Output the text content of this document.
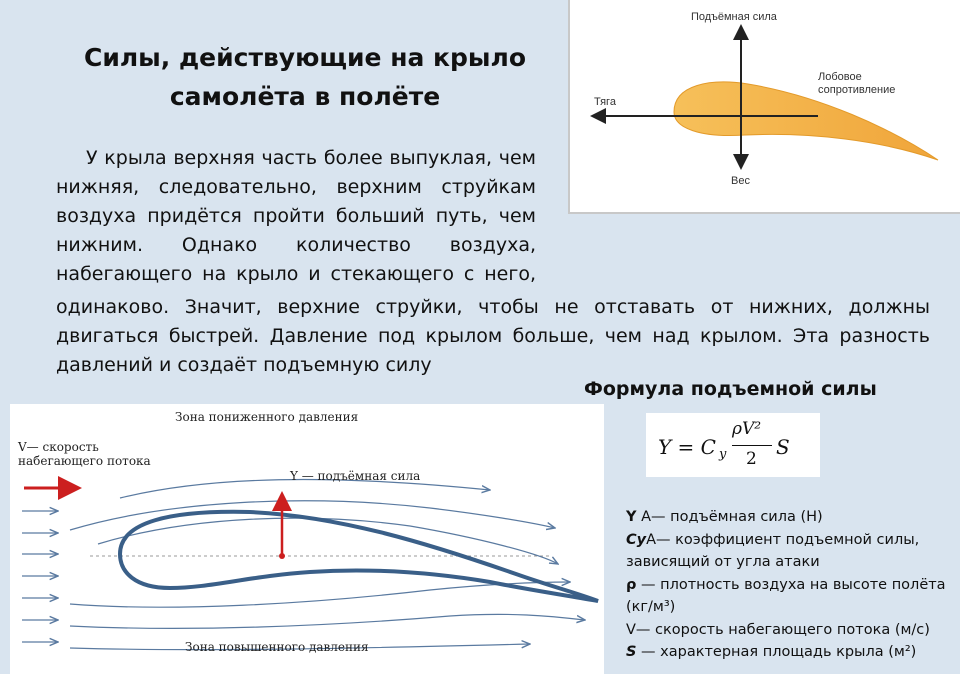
Силы, действующие на крыло
самолёта в полёте
У крыла верхняя часть более выпуклая, чем
нижняя, следовательно, верхним струйкам
воздуха придётся пройти больший путь, чем
нижним. Однако количество воздуха,
набегающего на крыло и стекающего с него,
одинаково. Значит, верхние струйки, чтобы не отставать от нижних, должны двигаться быстрей. Давление под крылом больше, чем над крылом. Эта разность давлений и создаёт подъемную силу
Подъёмная сила
Тяга
Лобовое
сопротивление
Вес
Формула подъемной силы
Y = C y
ρV²
2 S
Y А— подъёмная сила (Н)
CyА— коэффициент подъемной силы,
зависящий от угла атаки
ρ — плотность воздуха на высоте полёта
(кг/м³)
V— скорость набегающего потока (м/с)
S — характерная площадь крыла (м²)
Зона пониженного давления
V— скорость
набегающего потока
Y — подъёмная сила
Зона повышенного давления
